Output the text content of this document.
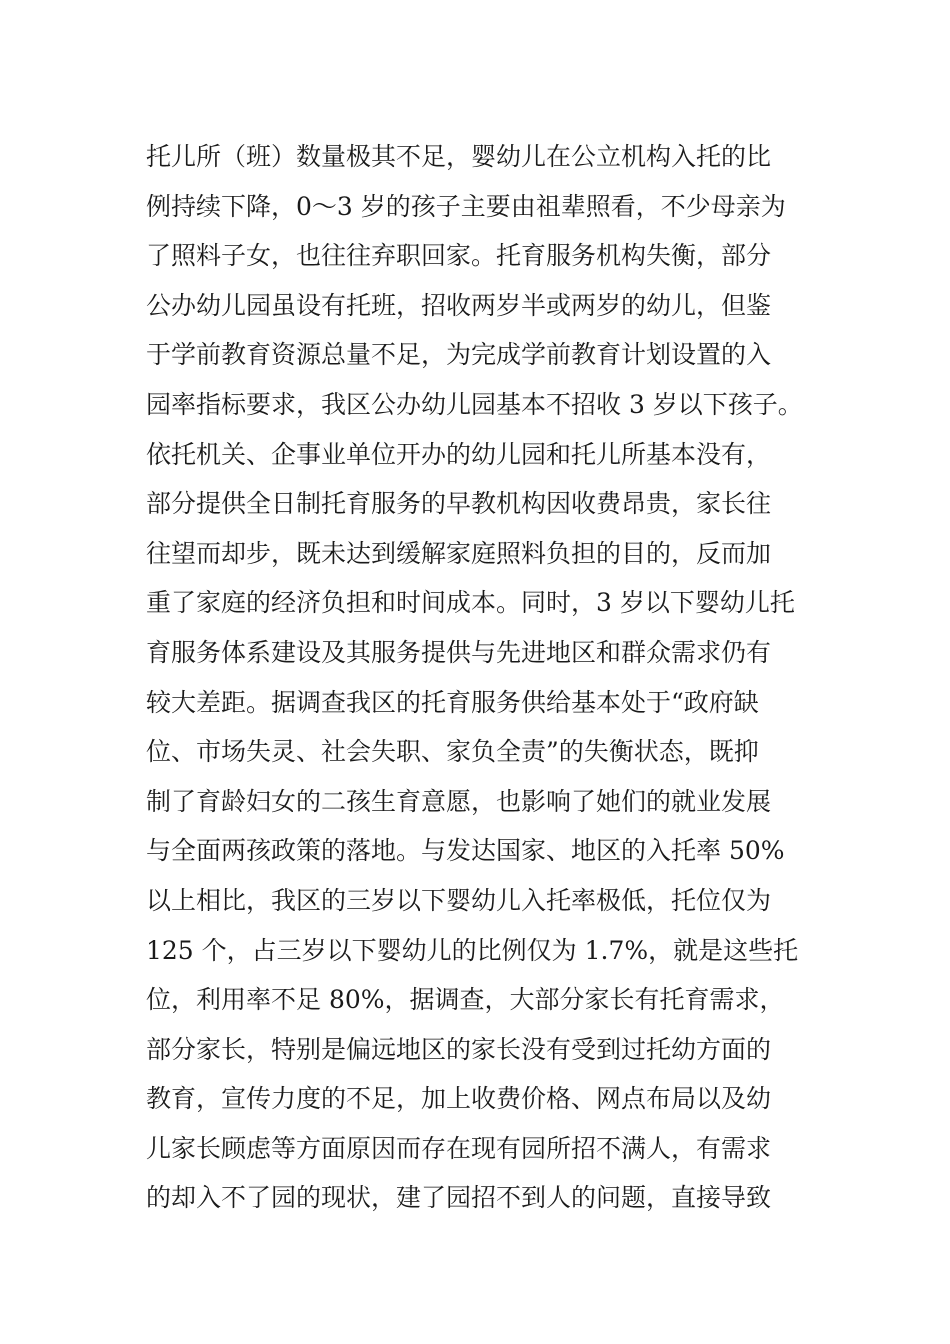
托儿所（班）数量极其不足，婴幼儿在公立机构入托的比
例持续下降，0～3 岁的孩子主要由祖辈照看，不少母亲为
了照料子女，也往往弃职回家。托育服务机构失衡，部分
公办幼儿园虽设有托班，招收两岁半或两岁的幼儿，但鉴
于学前教育资源总量不足，为完成学前教育计划设置的入
园率指标要求，我区公办幼儿园基本不招收 3 岁以下孩子。
依托机关、企事业单位开办的幼儿园和托儿所基本没有，
部分提供全日制托育服务的早教机构因收费昂贵，家长往
往望而却步，既未达到缓解家庭照料负担的目的，反而加
重了家庭的经济负担和时间成本。同时，3 岁以下婴幼儿托
育服务体系建设及其服务提供与先进地区和群众需求仍有
较大差距。据调查我区的托育服务供给基本处于“政府缺
位、市场失灵、社会失职、家负全责”的失衡状态，既抑
制了育龄妇女的二孩生育意愿，也影响了她们的就业发展
与全面两孩政策的落地。与发达国家、地区的入托率 50%
以上相比，我区的三岁以下婴幼儿入托率极低，托位仅为
125 个，占三岁以下婴幼儿的比例仅为 1.7%，就是这些托
位，利用率不足 80%，据调查，大部分家长有托育需求，
部分家长，特别是偏远地区的家长没有受到过托幼方面的
教育，宣传力度的不足，加上收费价格、网点布局以及幼
儿家长顾虑等方面原因而存在现有园所招不满人，有需求
的却入不了园的现状，建了园招不到人的问题，直接导致
